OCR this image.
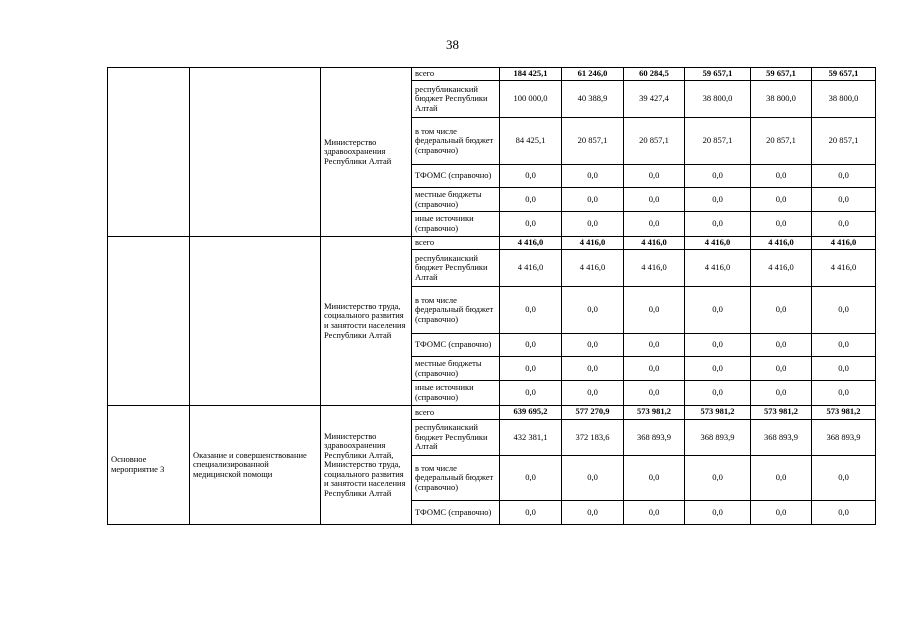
38
		Министерство здравоохранения Республики Алтай	всего	184 425,1	61 246,0	60 284,5	59 657,1	59 657,1	59 657,1
			республиканский бюджет Республики Алтай	100 000,0	40 388,9	39 427,4	38 800,0	38 800,0	38 800,0
			в том числе федеральный бюджет (справочно)	84 425,1	20 857,1	20 857,1	20 857,1	20 857,1	20 857,1
			ТФОМС (справочно)	0,0	0,0	0,0	0,0	0,0	0,0
			местные бюджеты (справочно)	0,0	0,0	0,0	0,0	0,0	0,0
			иные источники (справочно)	0,0	0,0	0,0	0,0	0,0	0,0
		Министерство труда, социального развития и занятости населения Республики Алтай	всего	4 416,0	4 416,0	4 416,0	4 416,0	4 416,0	4 416,0
			республиканский бюджет Республики Алтай	4 416,0	4 416,0	4 416,0	4 416,0	4 416,0	4 416,0
			в том числе федеральный бюджет (справочно)	0,0	0,0	0,0	0,0	0,0	0,0
			ТФОМС (справочно)	0,0	0,0	0,0	0,0	0,0	0,0
			местные бюджеты (справочно)	0,0	0,0	0,0	0,0	0,0	0,0
			иные источники (справочно)	0,0	0,0	0,0	0,0	0,0	0,0
Основное мероприятие 3	Оказание и совершенствование специализированной медицинской помощи	Министерство здравоохранения Республики Алтай, Министерство труда, социального развития и занятости населения Республики Алтай	всего	639 695,2	577 270,9	573 981,2	573 981,2	573 981,2	573 981,2
			республиканский бюджет Республики Алтай	432 381,1	372 183,6	368 893,9	368 893,9	368 893,9	368 893,9
			в том числе федеральный бюджет (справочно)	0,0	0,0	0,0	0,0	0,0	0,0
			ТФОМС (справочно)	0,0	0,0	0,0	0,0	0,0	0,0
